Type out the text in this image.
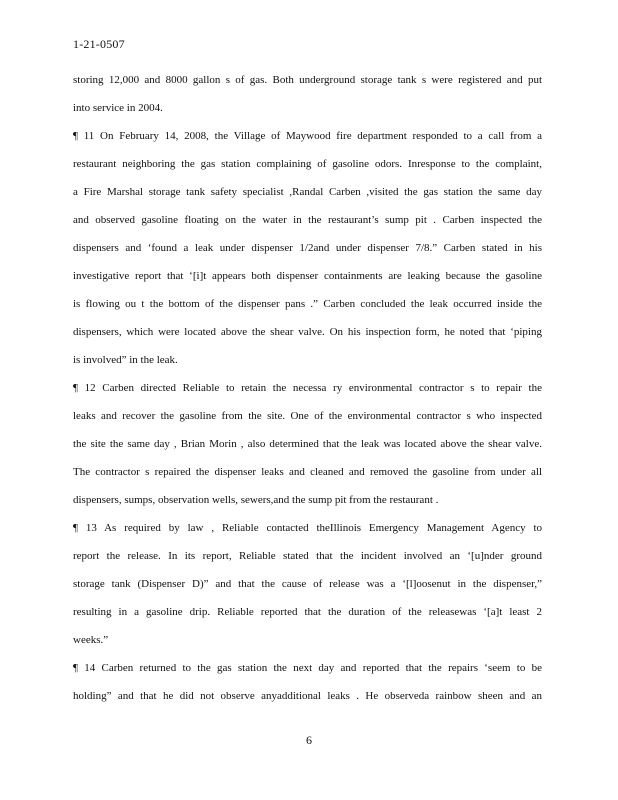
1-21-0507
storing 12,000 and 8000 gallon s of gas. Both underground storage tank s were registered and put
into service in 2004.
¶ 11 On February 14, 2008, the Village of Maywood fire department responded to a call from a
restaurant neighboring the gas station complaining of gasoline odors. Inresponse to the complaint,
a Fire Marshal storage tank safety specialist ,Randal Carben ,visited the gas station the same day
and observed gasoline floating on the water in the restaurant’s sump pit . Carben inspected the
dispensers and ‘found a leak under dispenser 1/2and under dispenser 7/8.” Carben stated in his
investigative report that ‘[i]t appears both dispenser containments are leaking because the gasoline
is flowing ou t the bottom of the dispenser pans .” Carben concluded the leak occurred inside the
dispensers, which were located above the shear valve. On his inspection form, he noted that ‘piping
is involved” in the leak.
¶ 12 Carben directed Reliable to retain the necessa ry environmental contractor s to repair the
leaks and recover the gasoline from the site. One of the environmental contractor s who inspected
the site the same day , Brian Morin , also determined that the leak was located above the shear valve.
The contractor s repaired the dispenser leaks and cleaned and removed the gasoline from under all
dispensers, sumps, observation wells, sewers,and the sump pit from the restaurant .
¶ 13 As required by law , Reliable contacted theIllinois Emergency Management Agency to
report the release. In its report, Reliable stated that the incident involved an ‘[u]nder ground
storage tank (Dispenser D)” and that the cause of release was a ‘[l]oosenut in the dispenser,”
resulting in a gasoline drip. Reliable reported that the duration of the releasewas ‘[a]t least 2
weeks.”
¶ 14 Carben returned to the gas station the next day and reported that the repairs ‘seem to be
holding” and that he did not observe anyadditional leaks . He observeda rainbow sheen and an
6
